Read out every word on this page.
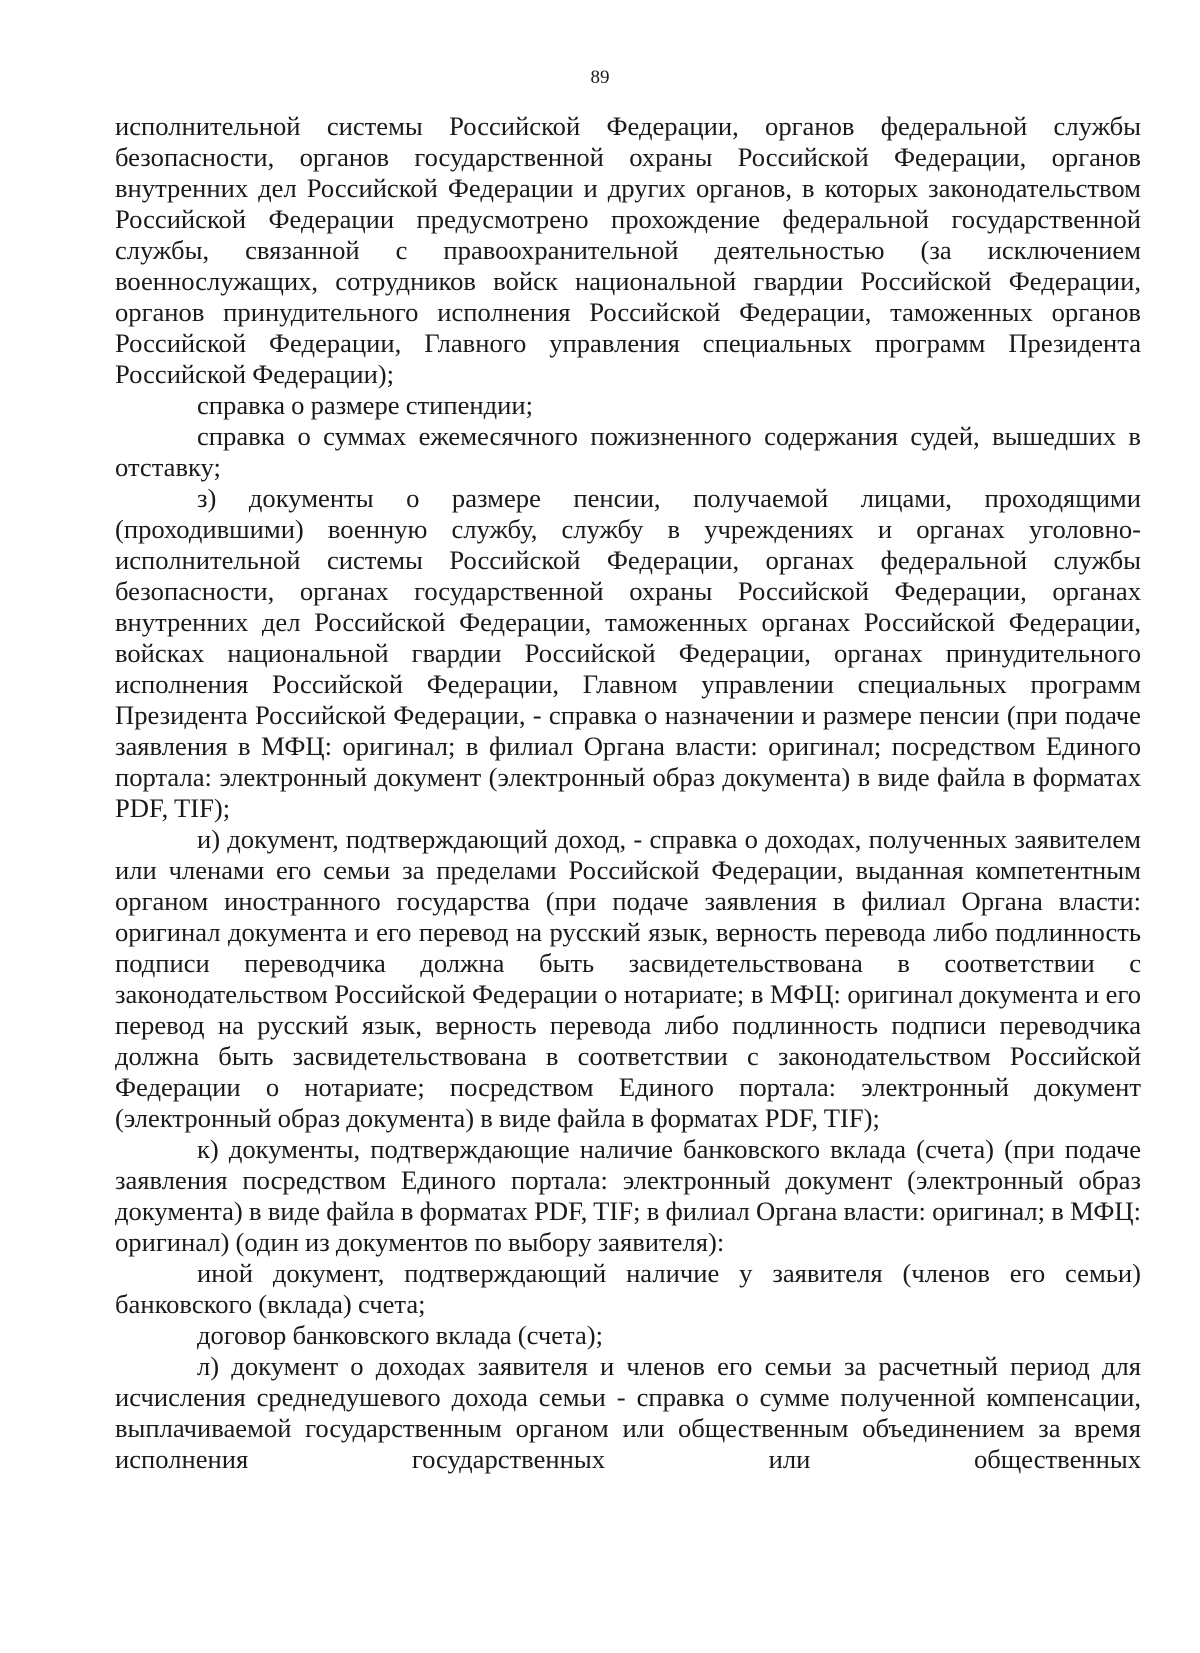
89

исполнительной системы Российской Федерации, органов федеральной службы безопасности, органов государственной охраны Российской Федерации, органов внутренних дел Российской Федерации и других органов, в которых законодательством Российской Федерации предусмотрено прохождение федеральной государственной службы, связанной с правоохранительной деятельностью (за исключением военнослужащих, сотрудников войск национальной гвардии Российской Федерации, органов принудительного исполнения Российской Федерации, таможенных органов Российской Федерации, Главного управления специальных программ Президента Российской Федерации);

справка о размере стипендии;

справка о суммах ежемесячного пожизненного содержания судей, вышедших в отставку;

з) документы о размере пенсии, получаемой лицами, проходящими (проходившими) военную службу, службу в учреждениях и органах уголовно-исполнительной системы Российской Федерации, органах федеральной службы безопасности, органах государственной охраны Российской Федерации, органах внутренних дел Российской Федерации, таможенных органах Российской Федерации, войсках национальной гвардии Российской Федерации, органах принудительного исполнения Российской Федерации, Главном управлении специальных программ Президента Российской Федерации, - справка о назначении и размере пенсии (при подаче заявления в МФЦ: оригинал; в филиал Органа власти: оригинал; посредством Единого портала: электронный документ (электронный образ документа) в виде файла в форматах PDF, TIF);

и) документ, подтверждающий доход, - справка о доходах, полученных заявителем или членами его семьи за пределами Российской Федерации, выданная компетентным органом иностранного государства (при подаче заявления в филиал Органа власти: оригинал документа и его перевод на русский язык, верность перевода либо подлинность подписи переводчика должна быть засвидетельствована в соответствии с законодательством Российской Федерации о нотариате; в МФЦ: оригинал документа и его перевод на русский язык, верность перевода либо подлинность подписи переводчика должна быть засвидетельствована в соответствии с законодательством Российской Федерации о нотариате; посредством Единого портала: электронный документ (электронный образ документа) в виде файла в форматах PDF, TIF);

к) документы, подтверждающие наличие банковского вклада (счета) (при подаче заявления посредством Единого портала: электронный документ (электронный образ документа) в виде файла в форматах PDF, TIF; в филиал Органа власти: оригинал; в МФЦ: оригинал) (один из документов по выбору заявителя):

иной документ, подтверждающий наличие у заявителя (членов его семьи) банковского (вклада) счета;

договор банковского вклада (счета);

л) документ о доходах заявителя и членов его семьи за расчетный период для исчисления среднедушевого дохода семьи - справка о сумме полученной компенсации, выплачиваемой государственным органом или общественным объединением за время исполнения государственных или общественных
